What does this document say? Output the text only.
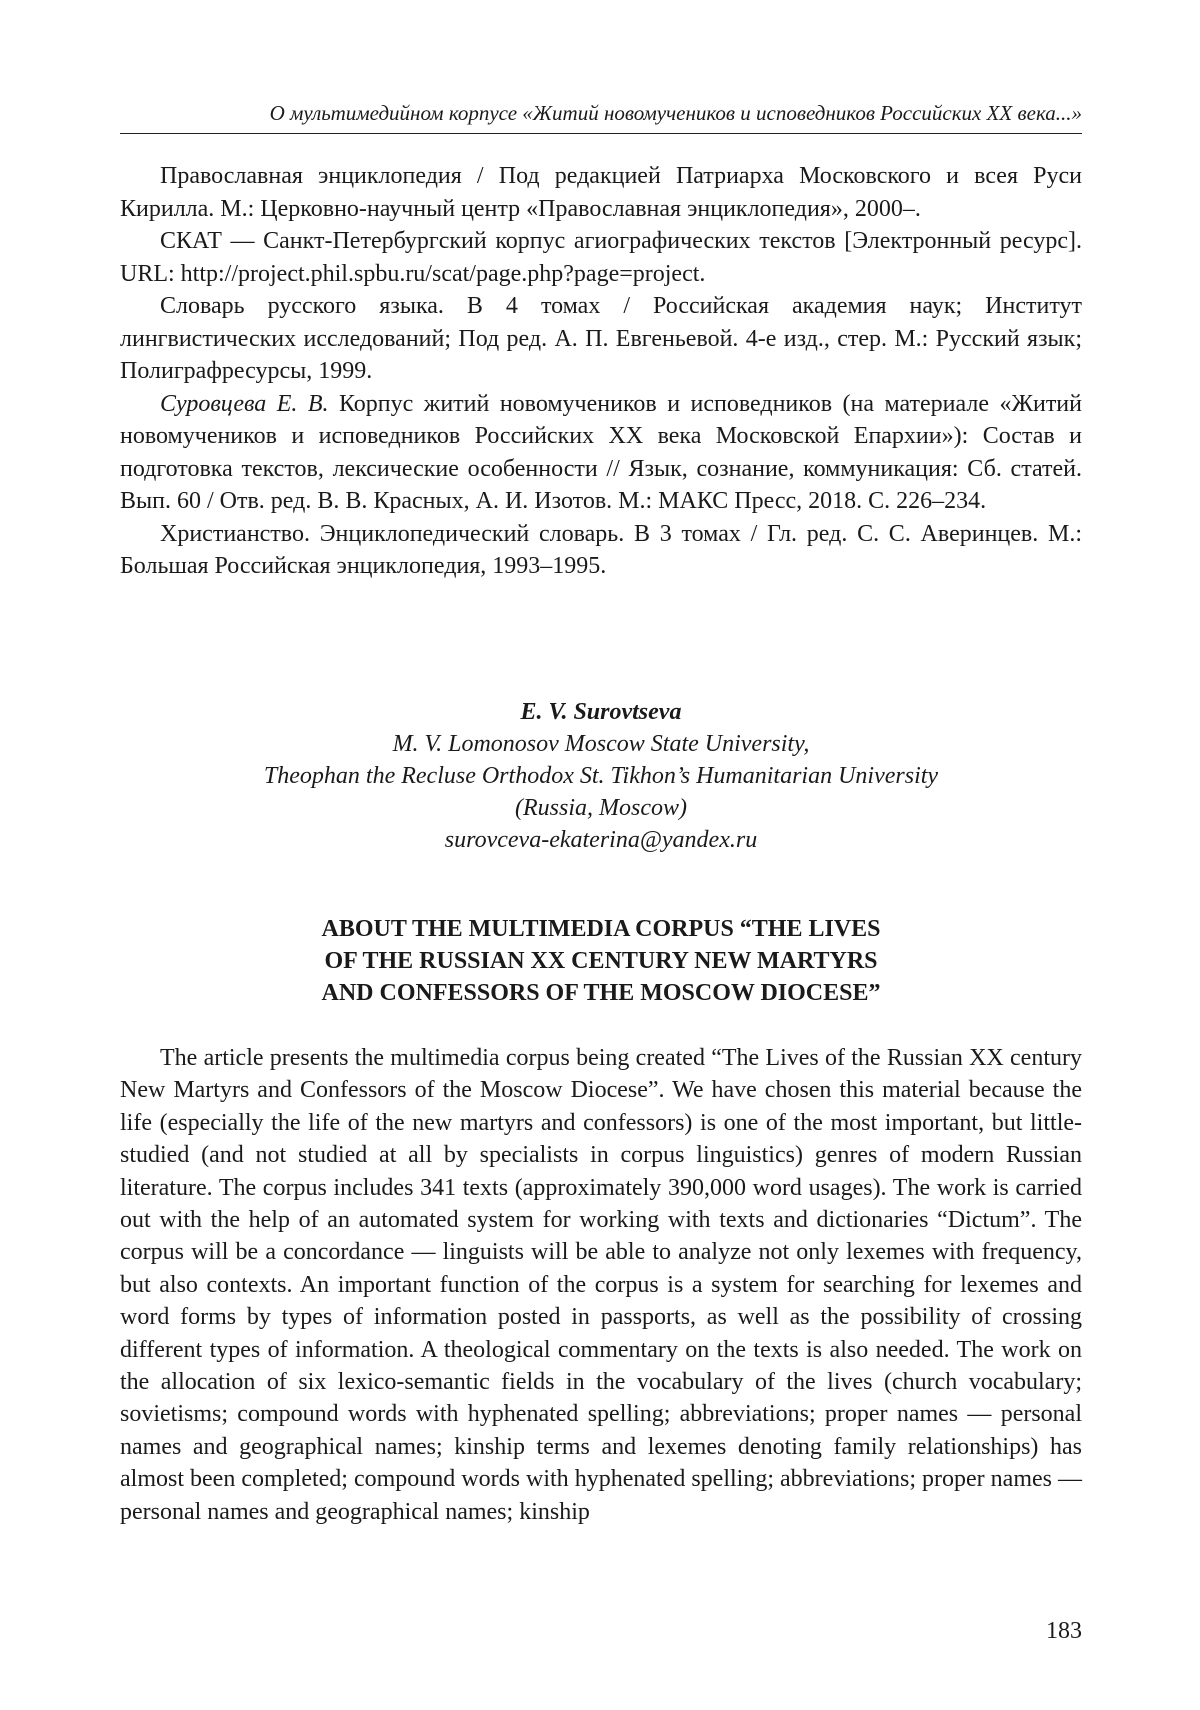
О мультимедийном корпусе «Житий новомучеников и исповедников Российских XX века...»

Православная энциклопедия / Под редакцией Патриарха Московского и всея Руси Кирилла. М.: Церковно-научный центр «Православная энциклопедия», 2000–.

СКАТ — Санкт-Петербургский корпус агиографических текстов [Электронный ресурс]. URL: http://project.phil.spbu.ru/scat/page.php?page=project.

Словарь русского языка. В 4 томах / Российская академия наук; Институт лингвистических исследований; Под ред. А. П. Евгеньевой. 4-е изд., стер. М.: Русский язык; Полиграфресурсы, 1999.

Суровцева Е. В. Корпус житий новомучеников и исповедников (на материале «Житий новомучеников и исповедников Российских XX века Московской Епархии»): Состав и подготовка текстов, лексические особенности // Язык, сознание, коммуникация: Сб. статей. Вып. 60 / Отв. ред. В. В. Красных, А. И. Изотов. М.: МАКС Пресс, 2018. С. 226–234.

Христианство. Энциклопедический словарь. В 3 томах / Гл. ред. С. С. Аверинцев. М.: Большая Российская энциклопедия, 1993–1995.

E. V. Surovtseva
M. V. Lomonosov Moscow State University,
Theophan the Recluse Orthodox St. Tikhon’s Humanitarian University
(Russia, Moscow)
surovceva-ekaterina@yandex.ru
ABOUT THE MULTIMEDIA CORPUS “THE LIVES
OF THE RUSSIAN XX CENTURY NEW MARTYRS
AND CONFESSORS OF THE MOSCOW DIOCESE”

The article presents the multimedia corpus being created “The Lives of the Russian XX century New Martyrs and Confessors of the Moscow Diocese”. We have chosen this material because the life (especially the life of the new martyrs and confessors) is one of the most important, but little-studied (and not studied at all by specialists in corpus linguistics) genres of modern Russian literature. The corpus includes 341 texts (approximately 390,000 word usages). The work is carried out with the help of an automated system for working with texts and dictionaries “Dictum”. The corpus will be a concordance — linguists will be able to analyze not only lexemes with frequency, but also contexts. An important function of the corpus is a system for searching for lexemes and word forms by types of information posted in passports, as well as the possibility of crossing different types of information. A theological commentary on the texts is also needed. The work on the allocation of six lexico-semantic fields in the vocabulary of the lives (church vocabulary; sovietisms; compound words with hyphenated spelling; abbreviations; proper names — personal names and geographical names; kinship terms and lexemes denoting family relationships) has almost been completed; compound words with hyphenated spelling; abbreviations; proper names — personal names and geographical names; kinship

183
